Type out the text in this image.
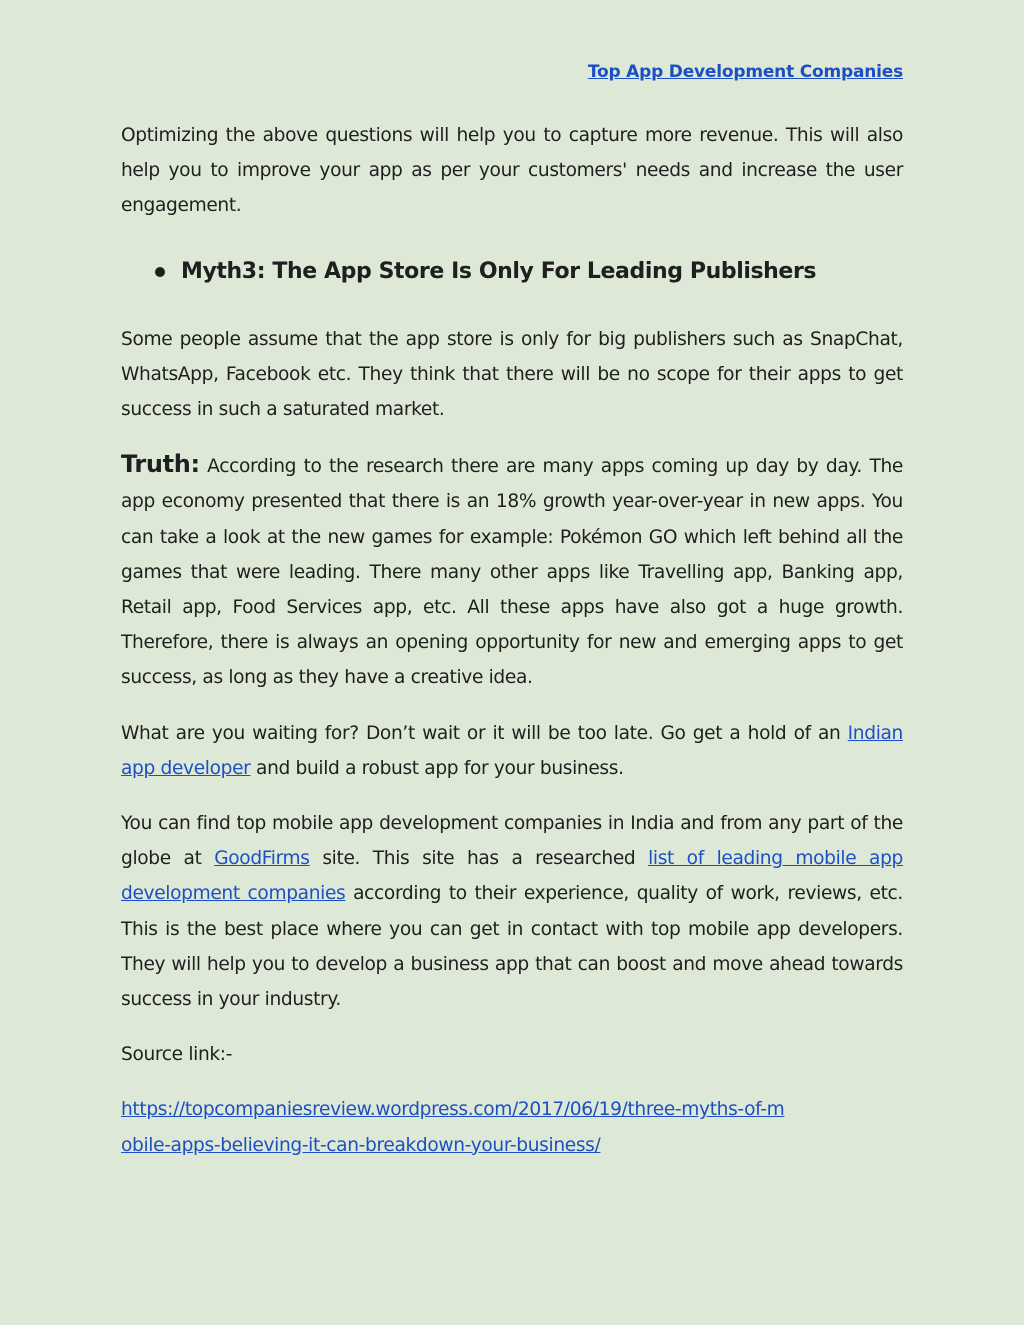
Top App Development Companies

Optimizing the above questions will help you to capture more revenue. This will also help you to improve your app as per your customers' needs and increase the user engagement.

Myth3: The App Store Is Only For Leading Publishers

Some people assume that the app store is only for big publishers such as SnapChat, WhatsApp, Facebook etc. They think that there will be no scope for their apps to get success in such a saturated market.

Truth: According to the research there are many apps coming up day by day. The app economy presented that there is an 18% growth year-over-year in new apps. You can take a look at the new games for example: Pokémon GO which left behind all the games that were leading. There many other apps like Travelling app, Banking app, Retail app, Food Services app, etc. All these apps have also got a huge growth. Therefore, there is always an opening opportunity for new and emerging apps to get success, as long as they have a creative idea.

What are you waiting for? Don’t wait or it will be too late. Go get a hold of an Indian app developer and build a robust app for your business.

You can find top mobile app development companies in India and from any part of the globe at GoodFirms site. This site has a researched list of leading mobile app development companies according to their experience, quality of work, reviews, etc. This is the best place where you can get in contact with top mobile app developers. They will help you to develop a business app that can boost and move ahead towards success in your industry.

Source link:-

https://topcompaniesreview.wordpress.com/2017/06/19/three-myths-of-m
obile-apps-believing-it-can-breakdown-your-business/
